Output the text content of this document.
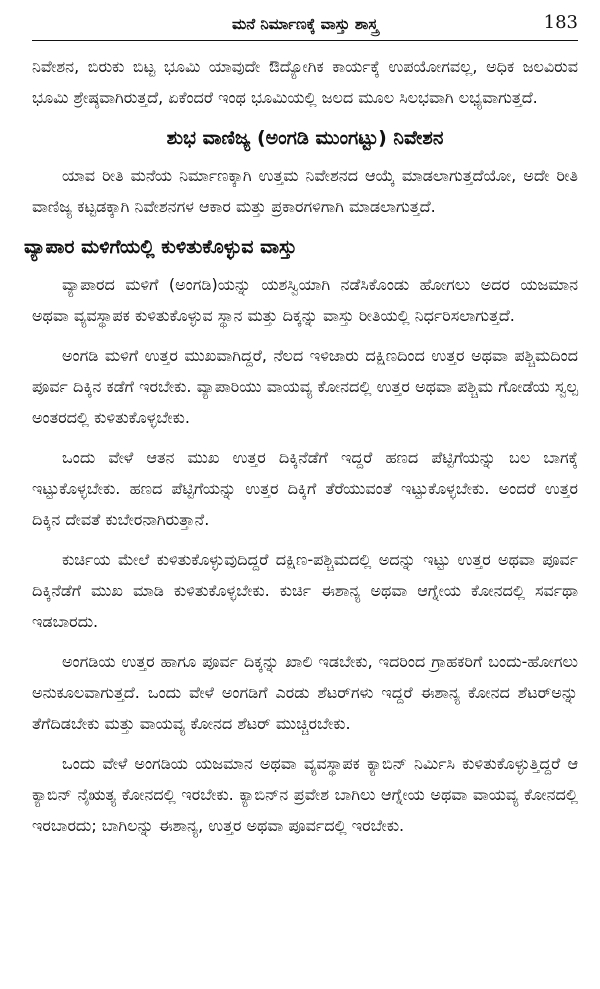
ಮನೆ ನಿರ್ಮಾಣಕ್ಕೆ ವಾಸ್ತು ಶಾಸ್ತ್ರ	183

ನಿವೇಶನ, ಬಿರುಕು ಬಿಟ್ಟ ಭೂಮಿ ಯಾವುದೇ ಔದ್ಯೋಗಿಕ ಕಾರ್ಯಕ್ಕೆ ಉಪಯೋಗವಲ್ಲ, ಅಧಿಕ ಜಲವಿರುವ ಭೂಮಿ ಶ್ರೇಷ್ಠವಾಗಿರುತ್ತದೆ, ಏಕೆಂದರೆ ಇಂಥ ಭೂಮಿಯಲ್ಲಿ ಜಲದ ಮೂಲ ಸಿಲಭವಾಗಿ ಲಭ್ಯವಾಗುತ್ತದೆ.

ಶುಭ ವಾಣಿಜ್ಯ (ಅಂಗಡಿ ಮುಂಗಟ್ಟು) ನಿವೇಶನ

ಯಾವ ರೀತಿ ಮನೆಯ ನಿರ್ಮಾಣಕ್ಕಾಗಿ ಉತ್ತಮ ನಿವೇಶನದ ಆಯ್ಕೆ ಮಾಡಲಾಗುತ್ತದೆಯೋ, ಅದೇ ರೀತಿ ವಾಣಿಜ್ಯ ಕಟ್ಟಡಕ್ಕಾಗಿ ನಿವೇಶನಗಳ ಆಕಾರ ಮತ್ತು ಪ್ರಕಾರಗಳಿಗಾಗಿ ಮಾಡಲಾಗುತ್ತದೆ.

ವ್ಯಾಪಾರ ಮಳಿಗೆಯಲ್ಲಿ ಕುಳಿತುಕೊಳ್ಳುವ ವಾಸ್ತು

ವ್ಯಾಪಾರದ ಮಳಿಗೆ (ಅಂಗಡಿ)ಯನ್ನು ಯಶಸ್ವಿಯಾಗಿ ನಡೆಸಿಕೊಂಡು ಹೋಗಲು ಅದರ ಯಜಮಾನ ಅಥವಾ ವ್ಯವಸ್ಥಾಪಕ ಕುಳಿತುಕೊಳ್ಳುವ ಸ್ಥಾನ ಮತ್ತು ದಿಕ್ಕನ್ನು ವಾಸ್ತು ರೀತಿಯಲ್ಲಿ ನಿರ್ಧರಿಸಲಾಗುತ್ತದೆ.

ಅಂಗಡಿ ಮಳಿಗೆ ಉತ್ತರ ಮುಖವಾಗಿದ್ದರೆ, ನೆಲದ ಇಳಿಜಾರು ದಕ್ಷಿಣದಿಂದ ಉತ್ತರ ಅಥವಾ ಪಶ್ಚಿಮದಿಂದ ಪೂರ್ವ ದಿಕ್ಕಿನ ಕಡೆಗೆ ಇರಬೇಕು. ವ್ಯಾಪಾರಿಯು ವಾಯವ್ಯ ಕೋನದಲ್ಲಿ ಉತ್ತರ ಅಥವಾ ಪಶ್ಚಿಮ ಗೋಡೆಯ ಸ್ವಲ್ಪ ಅಂತರದಲ್ಲಿ ಕುಳಿತುಕೊಳ್ಳಬೇಕು.

ಒಂದು ವೇಳೆ ಆತನ ಮುಖ ಉತ್ತರ ದಿಕ್ಕಿನೆಡೆಗೆ ಇದ್ದರೆ ಹಣದ ಪೆಟ್ಟಿಗೆಯನ್ನು ಬಲ ಬಾಗಕ್ಕೆ ಇಟ್ಟುಕೊಳ್ಳಬೇಕು. ಹಣದ ಪೆಟ್ಟಿಗೆಯನ್ನು ಉತ್ತರ ದಿಕ್ಕಿಗೆ ತೆರೆಯುವಂತೆ ಇಟ್ಟುಕೊಳ್ಳಬೇಕು. ಅಂದರೆ ಉತ್ತರ ದಿಕ್ಕಿನ ದೇವತೆ ಕುಬೇರನಾಗಿರುತ್ತಾನೆ.

ಕುರ್ಚಿಯ ಮೇಲೆ ಕುಳಿತುಕೊಳ್ಳುವುದಿದ್ದರೆ ದಕ್ಷಿಣ-ಪಶ್ಚಿಮದಲ್ಲಿ ಅದನ್ನು ಇಟ್ಟು ಉತ್ತರ ಅಥವಾ ಪೂರ್ವ ದಿಕ್ಕಿನೆಡೆಗೆ ಮುಖ ಮಾಡಿ ಕುಳಿತುಕೊಳ್ಳಬೇಕು. ಕುರ್ಚಿ ಈಶಾನ್ಯ ಅಥವಾ ಆಗ್ನೇಯ ಕೋನದಲ್ಲಿ ಸರ್ವಥಾ ಇಡಬಾರದು.

ಅಂಗಡಿಯ ಉತ್ತರ ಹಾಗೂ ಪೂರ್ವ ದಿಕ್ಕನ್ನು ಖಾಲಿ ಇಡಬೇಕು, ಇದರಿಂದ ಗ್ರಾಹಕರಿಗೆ ಬಂದು-ಹೋಗಲು ಅನುಕೂಲವಾಗುತ್ತದೆ. ಒಂದು ವೇಳೆ ಅಂಗಡಿಗೆ ಎರಡು ಶೆಟರ್‌ಗಳು ಇದ್ದರೆ ಈಶಾನ್ಯ ಕೋನದ ಶೆಟರ್‌ಅನ್ನು ತೆಗೆದಿಡಬೇಕು ಮತ್ತು ವಾಯವ್ಯ ಕೋನದ ಶೆಟರ್ ಮುಚ್ಚಿರಬೇಕು.

ಒಂದು ವೇಳೆ ಅಂಗಡಿಯ ಯಜಮಾನ ಅಥವಾ ವ್ಯವಸ್ಥಾಪಕ ಕ್ಯಾಬಿನ್ ನಿರ್ಮಿಸಿ ಕುಳಿತುಕೊಳ್ಳುತ್ತಿದ್ದರೆ ಆ ಕ್ಯಾಬಿನ್ ನೈಋತ್ಯ ಕೋನದಲ್ಲಿ ಇರಬೇಕು. ಕ್ಯಾಬಿನ್‌ನ ಪ್ರವೇಶ ಬಾಗಿಲು ಆಗ್ನೇಯ ಅಥವಾ ವಾಯವ್ಯ ಕೋನದಲ್ಲಿ ಇರಬಾರದು; ಬಾಗಿಲನ್ನು ಈಶಾನ್ಯ, ಉತ್ತರ ಅಥವಾ ಪೂರ್ವದಲ್ಲಿ ಇರಬೇಕು.
